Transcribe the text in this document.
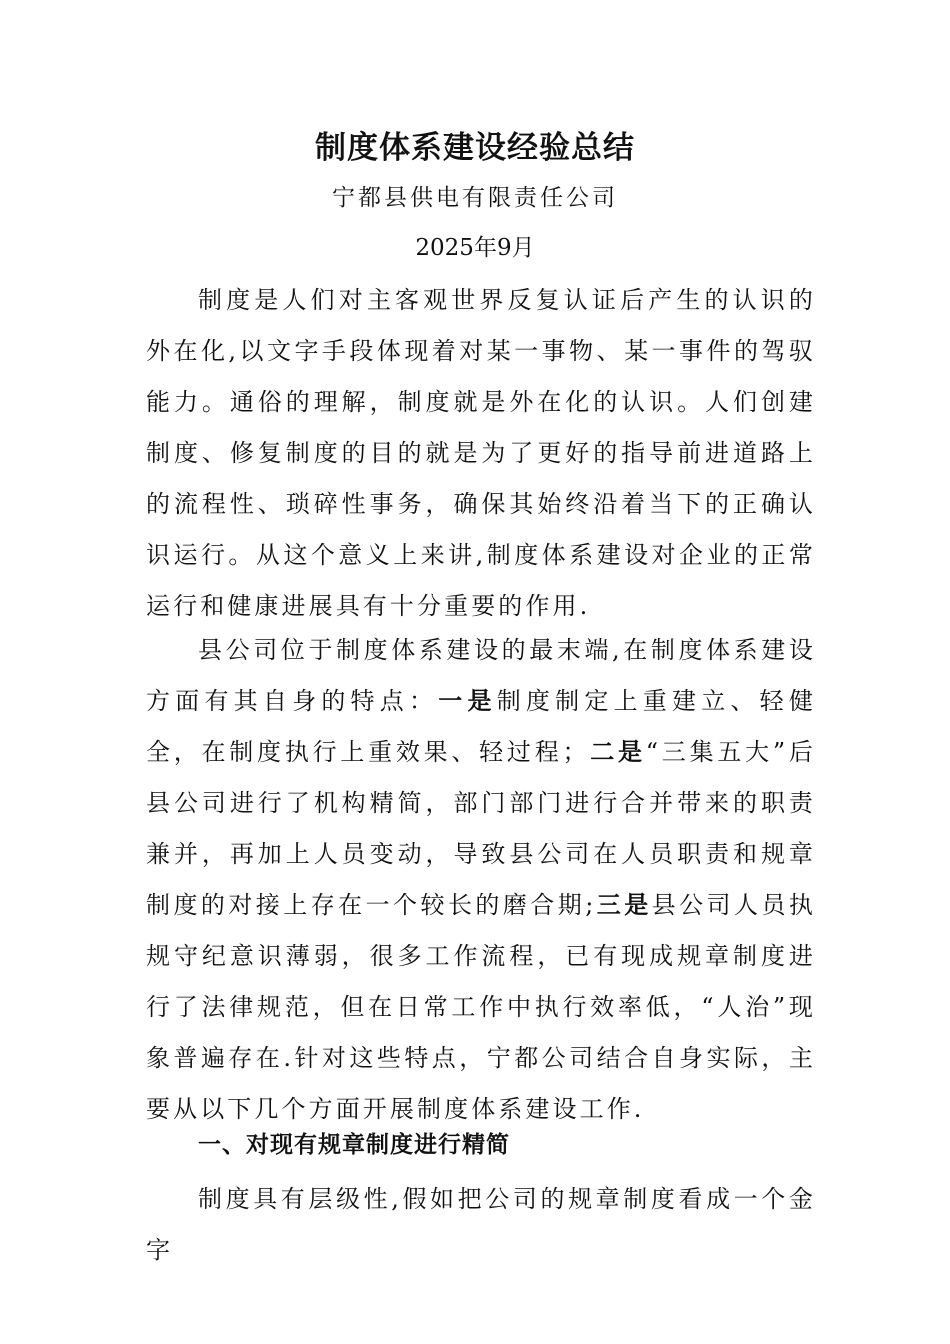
制度体系建设经验总结
宁都县供电有限责任公司
2025年9月

制度是人们对主客观世界反复认证后产生的认识的外在化,以文字手段体现着对某一事物、某一事件的驾驭能力。通俗的理解，制度就是外在化的认识。人们创建制度、修复制度的目的就是为了更好的指导前进道路上的流程性、琐碎性事务，确保其始终沿着当下的正确认识运行。从这个意义上来讲,制度体系建设对企业的正常运行和健康进展具有十分重要的作用.

县公司位于制度体系建设的最末端,在制度体系建设方面有其自身的特点：一是制度制定上重建立、轻健全，在制度执行上重效果、轻过程；二是“三集五大”后县公司进行了机构精简，部门部门进行合并带来的职责兼并，再加上人员变动，导致县公司在人员职责和规章制度的对接上存在一个较长的磨合期;三是县公司人员执规守纪意识薄弱，很多工作流程，已有现成规章制度进行了法律规范，但在日常工作中执行效率低，“人治”现象普遍存在.针对这些特点，宁都公司结合自身实际，主要从以下几个方面开展制度体系建设工作.

一、对现有规章制度进行精简

制度具有层级性,假如把公司的规章制度看成一个金字
